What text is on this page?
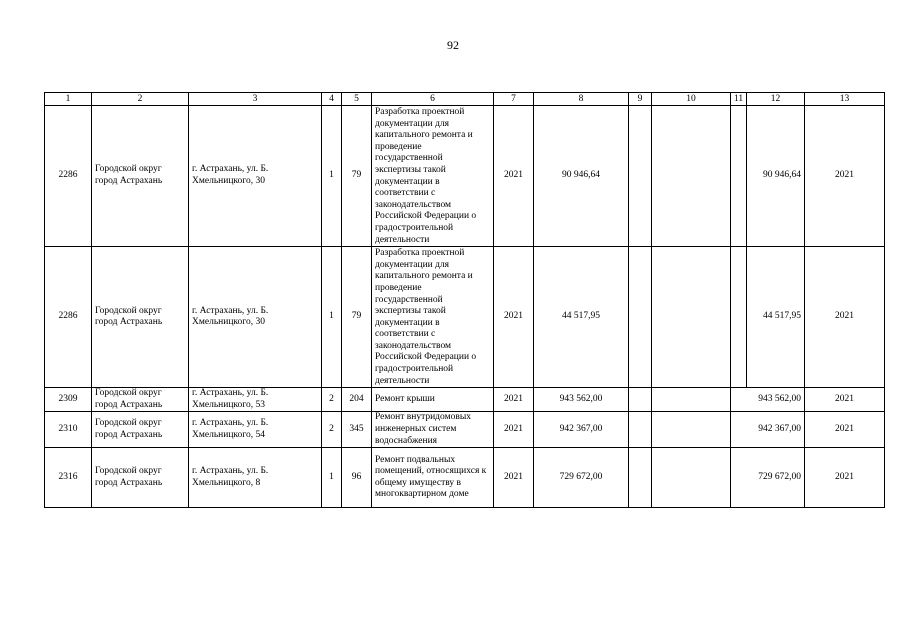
92
1	2	3	4	5	6	7	8	9	10	11	12	13
2286	Городской округ город Астрахань	г. Астрахань, ул. Б. Хмельницкого, 30	1	79	Разработка проектной документации для капитального ремонта и проведение государственной экспертизы такой документации в соответствии с законодательством Российской Федерации о градостроительной деятельности	2021	90 946,64				90 946,64	2021
2286	Городской округ город Астрахань	г. Астрахань, ул. Б. Хмельницкого, 30	1	79	Разработка проектной документации для капитального ремонта и проведение государственной экспертизы такой документации в соответствии с законодательством Российской Федерации о градостроительной деятельности	2021	44 517,95				44 517,95	2021
2309	Городской округ город Астрахань	г. Астрахань, ул. Б. Хмельницкого, 53	2	204	Ремонт крыши	2021	943 562,00			943 562,00		2021
2310	Городской округ город Астрахань	г. Астрахань, ул. Б. Хмельницкого, 54	2	345	Ремонт внутридомовых инженерных систем водоснабжения	2021	942 367,00			942 367,00		2021
2316	Городской округ город Астрахань	г. Астрахань, ул. Б. Хмельницкого, 8	1	96	Ремонт подвальных помещений, относящихся к общему имуществу в многоквартирном доме	2021	729 672,00			729 672,00		2021
